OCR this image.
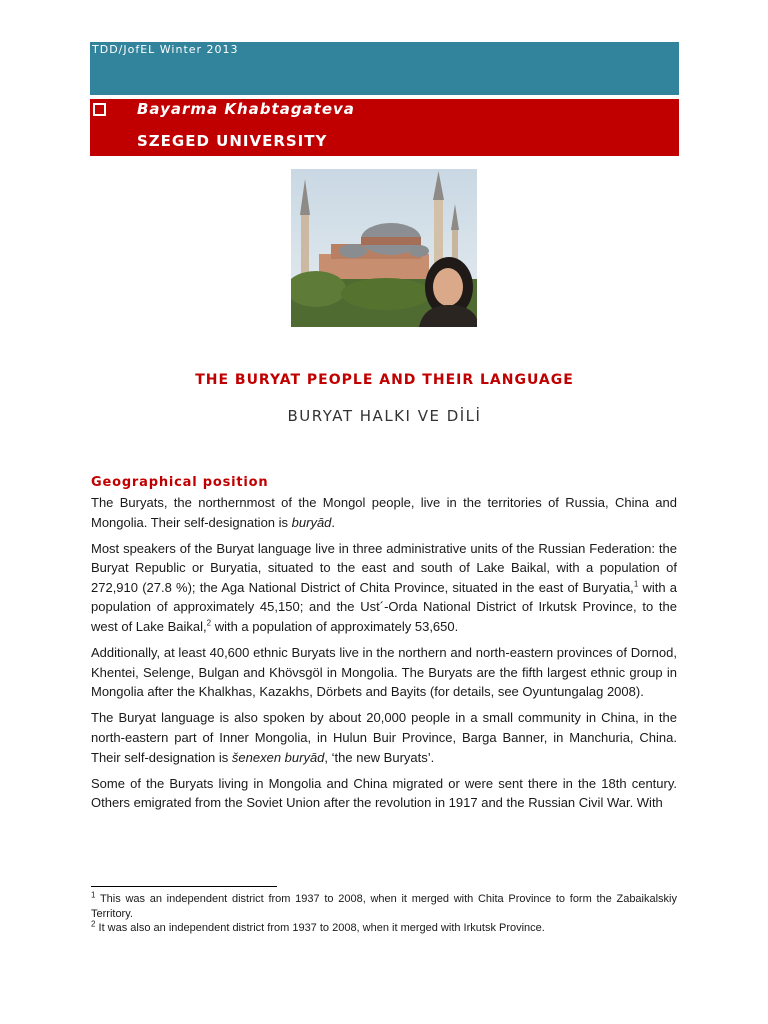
TDD/JofEL Winter 2013
Bayarma Khabtagateva
SZEGED UNIVERSITY
THE BURYAT PEOPLE AND THEIR LANGUAGE
BURYAT HALKI VE DİLİ
Geographical position

The Buryats, the northernmost of the Mongol people, live in the territories of Russia, China and Mongolia. Their self-designation is buryād.

Most speakers of the Buryat language live in three administrative units of the Russian Federation: the Buryat Republic or Buryatia, situated to the east and south of Lake Baikal, with a population of 272,910 (27.8 %); the Aga National District of Chita Province, situated in the east of Buryatia,$^1$ with a population of approximately 45,150; and the Ust´-Orda National District of Irkutsk Province, to the west of Lake Baikal,$^2$ with a population of approximately 53,650.

Additionally, at least 40,600 ethnic Buryats live in the northern and north-eastern provinces of Dornod, Khentei, Selenge, Bulgan and Khövsgöl in Mongolia. The Buryats are the fifth largest ethnic group in Mongolia after the Khalkhas, Kazakhs, Dörbets and Bayits (for details, see Oyuntungalag 2008).

The Buryat language is also spoken by about 20,000 people in a small community in China, in the north-eastern part of Inner Mongolia, in Hulun Buir Province, Barga Banner, in Manchuria, China. Their self-designation is šenexen buryād, ‘the new Buryats’.

Some of the Buryats living in Mongolia and China migrated or were sent there in the 18th century. Others emigrated from the Soviet Union after the revolution in 1917 and the Russian Civil War. With

$^1$ This was an independent district from 1937 to 2008, when it merged with Chita Province to form the Zabaikalskiy Territory.

$^2$ It was also an independent district from 1937 to 2008, when it merged with Irkutsk Province.
